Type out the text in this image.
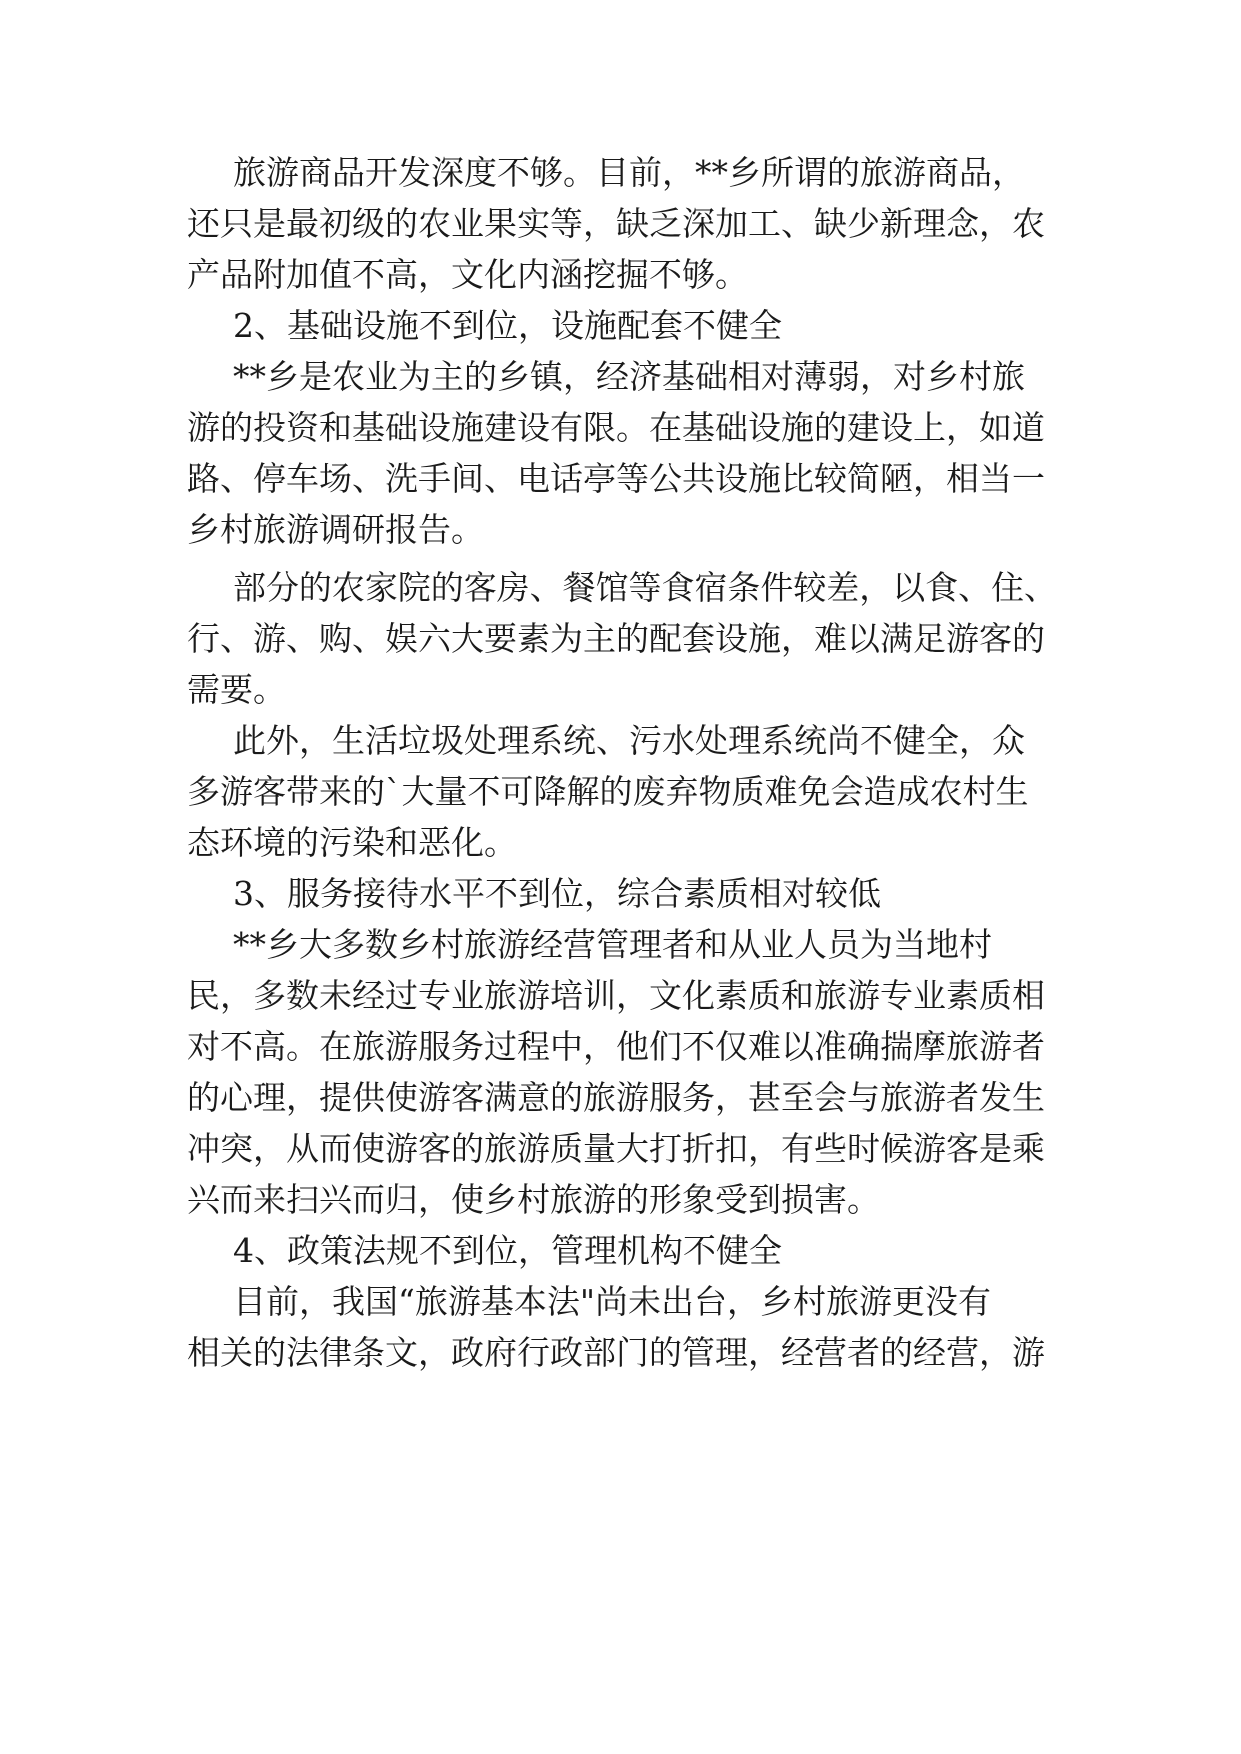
旅游商品开发深度不够。目前，**乡所谓的旅游商品，
还只是最初级的农业果实等，缺乏深加工、缺少新理念，农
产品附加值不高，文化内涵挖掘不够。
2、基础设施不到位，设施配套不健全
**乡是农业为主的乡镇，经济基础相对薄弱，对乡村旅
游的投资和基础设施建设有限。在基础设施的建设上，如道
路、停车场、洗手间、电话亭等公共设施比较简陋，相当一
乡村旅游调研报告。
部分的农家院的客房、餐馆等食宿条件较差，以食、住、
行、游、购、娱六大要素为主的配套设施，难以满足游客的
需要。
此外，生活垃圾处理系统、污水处理系统尚不健全，众
多游客带来的`大量不可降解的废弃物质难免会造成农村生
态环境的污染和恶化。
3、服务接待水平不到位，综合素质相对较低
**乡大多数乡村旅游经营管理者和从业人员为当地村
民，多数未经过专业旅游培训，文化素质和旅游专业素质相
对不高。在旅游服务过程中，他们不仅难以准确揣摩旅游者
的心理，提供使游客满意的旅游服务，甚至会与旅游者发生
冲突，从而使游客的旅游质量大打折扣，有些时候游客是乘
兴而来扫兴而归，使乡村旅游的形象受到损害。
4、政策法规不到位，管理机构不健全
目前，我国“旅游基本法"尚未出台，乡村旅游更没有
相关的法律条文，政府行政部门的管理，经营者的经营，游
